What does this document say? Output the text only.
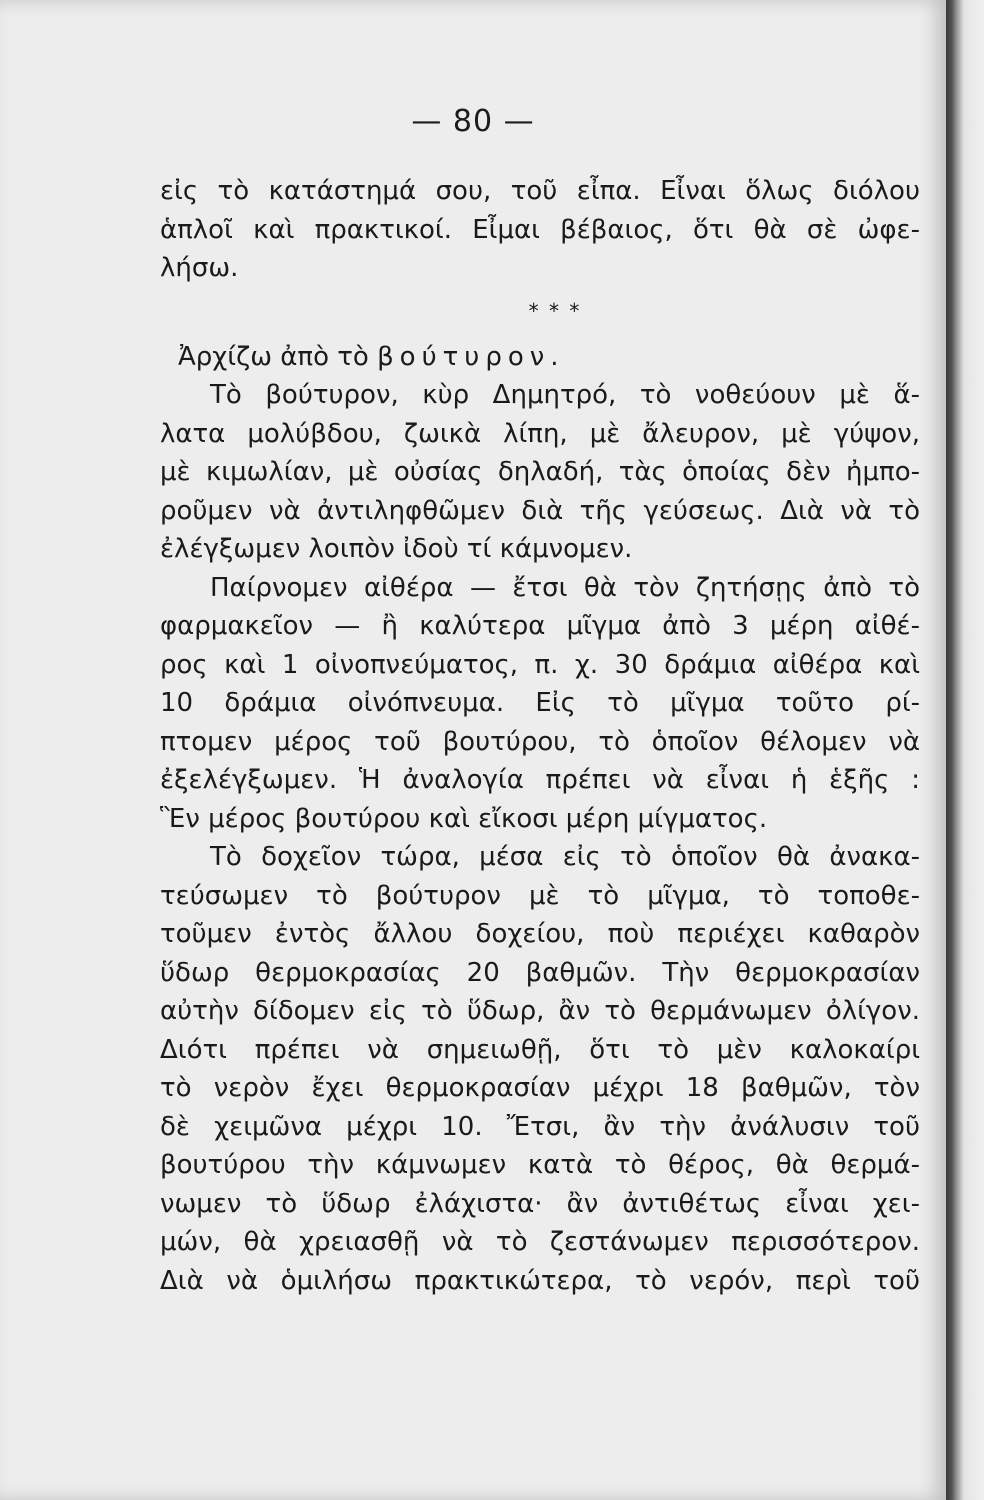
— 80 —
εἰς τὸ κατάστημά σου, τοῦ εἶπα. Εἶναι ὅλως διόλου
ἁπλοῖ καὶ πρακτικοί. Εἶμαι βέβαιος, ὅτι θὰ σὲ ὠφε-
λήσω.
* * *
Ἀρχίζω ἀπὸ τὸ βούτυρον.
Τὸ βούτυρον, κὺρ Δημητρό, τὸ νοθεύουν μὲ ἅ-
λατα μολύβδου, ζωικὰ λίπη, μὲ ἄλευρον, μὲ γύψον,
μὲ κιμωλίαν, μὲ οὐσίας δηλαδή, τὰς ὁποίας δὲν ἠμπο-
ροῦμεν νὰ ἀντιληφθῶμεν διὰ τῆς γεύσεως. Διὰ νὰ τὸ
ἐλέγξωμεν λοιπὸν ἰδοὺ τί κάμνομεν.
Παίρνομεν αἰθέρα — ἔτσι θὰ τὸν ζητήσῃς ἀπὸ τὸ
φαρμακεῖον — ἢ καλύτερα μῖγμα ἀπὸ 3 μέρη αἰθέ-
ρος καὶ 1 οἰνοπνεύματος, π. χ. 30 δράμια αἰθέρα καὶ
10 δράμια οἰνόπνευμα. Εἰς τὸ μῖγμα τοῦτο ρί-
πτομεν μέρος τοῦ βουτύρου, τὸ ὁποῖον θέλομεν νὰ
ἐξελέγξωμεν. Ἡ ἀναλογία πρέπει νὰ εἶναι ἡ ἑξῆς :
Ἓν μέρος βουτύρου καὶ εἴκοσι μέρη μίγματος.
Τὸ δοχεῖον τώρα, μέσα εἰς τὸ ὁποῖον θὰ ἀνακα-
τεύσωμεν τὸ βούτυρον μὲ τὸ μῖγμα, τὸ τοποθε-
τοῦμεν ἐντὸς ἄλλου δοχείου, ποὺ περιέχει καθαρὸν
ὕδωρ θερμοκρασίας 20 βαθμῶν. Τὴν θερμοκρασίαν
αὐτὴν δίδομεν εἰς τὸ ὕδωρ, ἂν τὸ θερμάνωμεν ὀλίγον.
Διότι πρέπει νὰ σημειωθῇ, ὅτι τὸ μὲν καλοκαίρι
τὸ νερὸν ἔχει θερμοκρασίαν μέχρι 18 βαθμῶν, τὸν
δὲ χειμῶνα μέχρι 10. Ἔτσι, ἂν τὴν ἀνάλυσιν τοῦ
βουτύρου τὴν κάμνωμεν κατὰ τὸ θέρος, θὰ θερμά-
νωμεν τὸ ὕδωρ ἐλάχιστα· ἂν ἀντιθέτως εἶναι χει-
μών, θὰ χρειασθῇ νὰ τὸ ζεστάνωμεν περισσότερον.
Διὰ νὰ ὁμιλήσω πρακτικώτερα, τὸ νερόν, περὶ τοῦ
